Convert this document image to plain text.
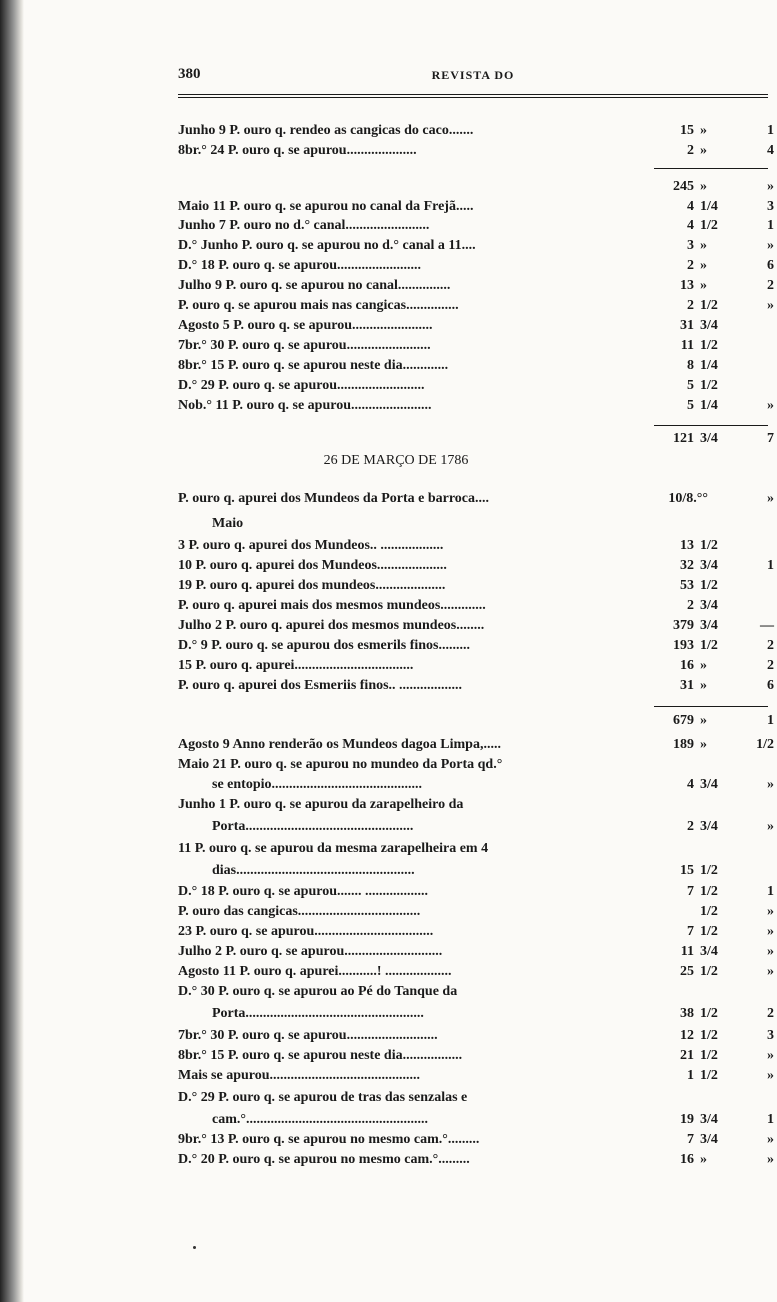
380	REVISTA DO
Junho 9 P. ouro q. rendeo as cangicas do caco.......	15 »	1
8br.° 24 P. ouro q. se apurou....................	2 »	4
245 »	»
Maio 11 P. ouro q. se apurou no canal da Frejã.....	4 1/4	3
Junho 7 P. ouro no d.° canal........................	4 1/2	1
D.° Junho P. ouro q. se apurou no d.° canal a 11....	3 »	»
D.° 18 P. ouro q. se apurou........................	2 »	6
Julho 9 P. ouro q. se apurou no canal...............	13 »	2
P. ouro q. se apurou mais nas cangicas...............	2 1/2	»
Agosto 5 P. ouro q. se apurou.......................	31 3/4
7br.° 30 P. ouro q. se apurou........................	11 1/2
8br.° 15 P. ouro q. se apurou neste dia.............	8 1/4
D.° 29 P. ouro q. se apurou.........................	5 1/2
Nob.° 11 P. ouro q. se apurou.......................	5 1/4	»
121 3/4	7
26 DE MARÇO DE 1786
P. ouro q. apurei dos Mundeos da Porta e barroca....	10/8.°°	»
Maio
3 P. ouro q. apurei dos Mundeos.. ..................	13 1/2
10 P. ouro q. apurei dos Mundeos....................	32 3/4	1
19 P. ouro q. apurei dos mundeos....................	53 1/2
P. ouro q. apurei mais dos mesmos mundeos.............	2 3/4
Julho 2 P. ouro q. apurei dos mesmos mundeos........	379 3/4	—
D.° 9 P. ouro q. se apurou dos esmerils finos.........	193 1/2	2
15 P. ouro q. apurei..................................	16 »	2
P. ouro q. apurei dos Esmeriis finos.. ..................	31 »	6
679 »	1
Agosto 9 Anno renderão os Mundeos dagoa Limpa,.....	189 »	1/2
Maio 21 P. ouro q. se apurou no mundeo da Porta qd.°
se entopio...........................................	4 3/4	»
Junho 1 P. ouro q. se apurou da zarapelheiro da
Porta................................................	2 3/4	»
11 P. ouro q. se apurou da mesma zarapelheira em 4
dias...................................................	15 1/2
D.° 18 P. ouro q. se apurou....... ..................	7 1/2	1
P. ouro das cangicas...................................	1/2	»
23 P. ouro q. se apurou..................................	7 1/2	»
Julho 2 P. ouro q. se apurou............................	11 3/4	»
Agosto 11 P. ouro q. apurei...........! ...................	25 1/2	»
D.° 30 P. ouro q. se apurou ao Pé do Tanque da
Porta...................................................	38 1/2	2
7br.° 30 P. ouro q. se apurou..........................	12 1/2	3
8br.° 15 P. ouro q. se apurou neste dia.................	21 1/2	»
Mais se apurou...........................................	1 1/2	»
D.° 29 P. ouro q. se apurou de tras das senzalas e
cam.°....................................................	19 3/4	1
9br.° 13 P. ouro q. se apurou no mesmo cam.°.........	7 3/4	»
D.° 20 P. ouro q. se apurou no mesmo cam.°.........	16 »	»
